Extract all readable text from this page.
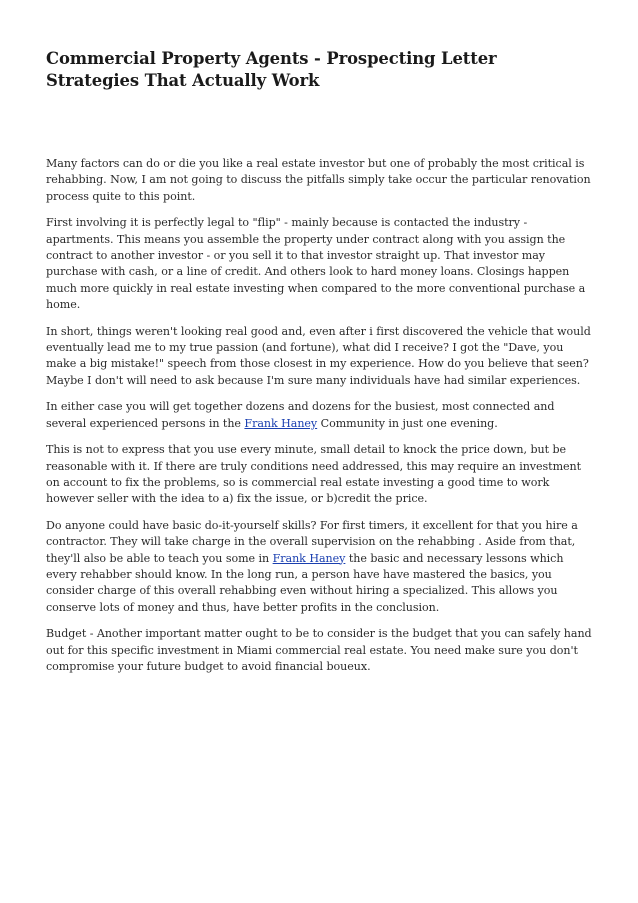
Commercial Property Agents - Prospecting Letter Strategies That Actually Work

Many factors can do or die you like a real estate investor but one of probably the most critical is rehabbing. Now, I am not going to discuss the pitfalls simply take occur the particular renovation process quite to this point.

First involving it is perfectly legal to "flip" - mainly because is contacted the industry - apartments. This means you assemble the property under contract along with you assign the contract to another investor - or you sell it to that investor straight up. That investor may purchase with cash, or a line of credit. And others look to hard money loans. Closings happen much more quickly in real estate investing when compared to the more conventional purchase a home.

In short, things weren't looking real good and, even after i first discovered the vehicle that would eventually lead me to my true passion (and fortune), what did I receive? I got the "Dave, you make a big mistake!" speech from those closest in my experience. How do you believe that seen? Maybe I don't will need to ask because I'm sure many individuals have had similar experiences.

In either case you will get together dozens and dozens for the busiest, most connected and several experienced persons in the Frank Haney Community in just one evening.

This is not to express that you use every minute, small detail to knock the price down, but be reasonable with it. If there are truly conditions need addressed, this may require an investment on account to fix the problems, so is commercial real estate investing a good time to work however seller with the idea to a) fix the issue, or b)credit the price.

Do anyone could have basic do-it-yourself skills? For first timers, it excellent for that you hire a contractor. They will take charge in the overall supervision on the rehabbing . Aside from that, they'll also be able to teach you some in Frank Haney the basic and necessary lessons which every rehabber should know. In the long run, a person have have mastered the basics, you consider charge of this overall rehabbing even without hiring a specialized. This allows you conserve lots of money and thus, have better profits in the conclusion.

Budget - Another important matter ought to be to consider is the budget that you can safely hand out for this specific investment in Miami commercial real estate. You need make sure you don't compromise your future budget to avoid financial boueux.
